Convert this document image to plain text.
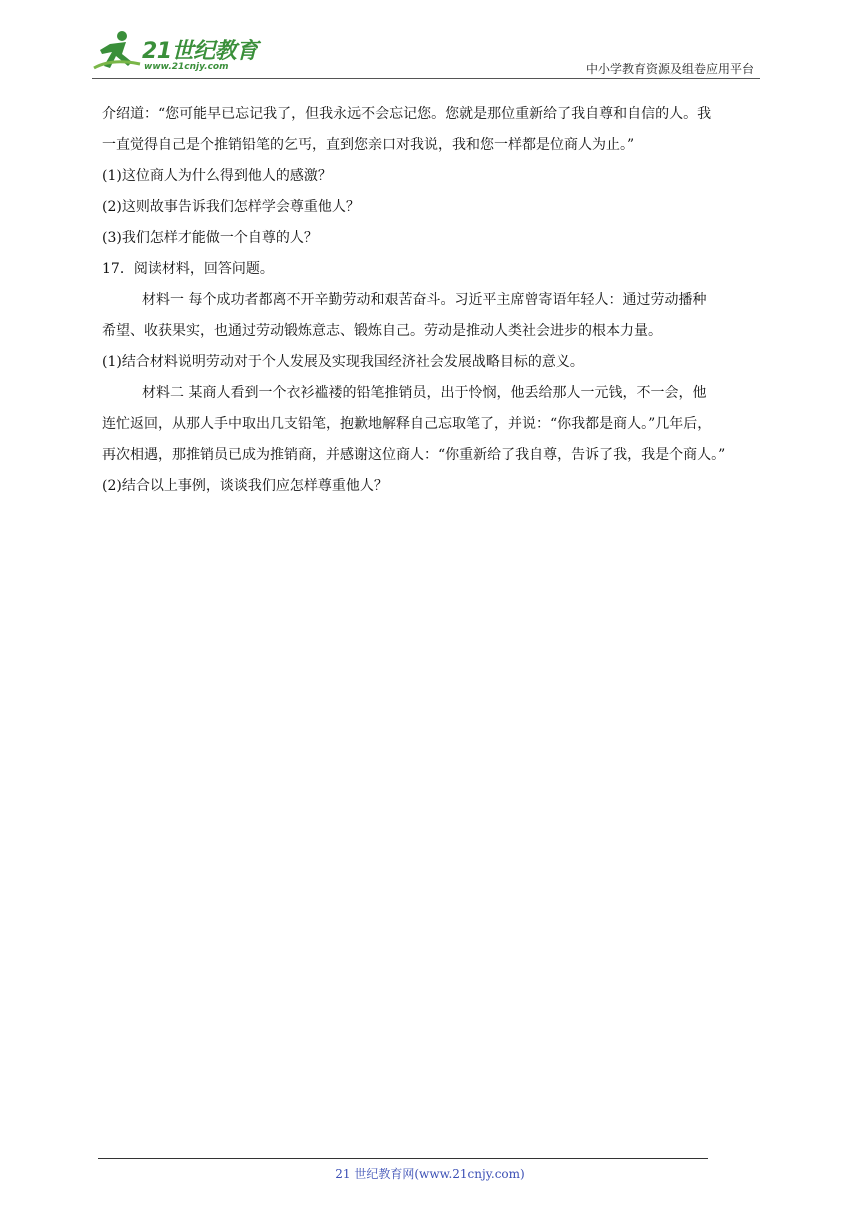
21世纪教育
www.21cnjy.com	中小学教育资源及组卷应用平台

介绍道：“您可能早已忘记我了，但我永远不会忘记您。您就是那位重新给了我自尊和自信的人。我

一直觉得自己是个推销铅笔的乞丐，直到您亲口对我说，我和您一样都是位商人为止。”

(1)这位商人为什么得到他人的感激？
(2)这则故事告诉我们怎样学会尊重他人？
(3)我们怎样才能做一个自尊的人？
17．阅读材料，回答问题。

材料一 每个成功者都离不开辛勤劳动和艰苦奋斗。习近平主席曾寄语年轻人：通过劳动播种

希望、收获果实，也通过劳动锻炼意志、锻炼自己。劳动是推动人类社会进步的根本力量。

(1)结合材料说明劳动对于个人发展及实现我国经济社会发展战略目标的意义。

材料二 某商人看到一个衣衫褴褛的铅笔推销员，出于怜悯，他丢给那人一元钱，不一会，他

连忙返回，从那人手中取出几支铅笔，抱歉地解释自己忘取笔了，并说：“你我都是商人。”几年后，

再次相遇，那推销员已成为推销商，并感谢这位商人：“你重新给了我自尊，告诉了我，我是个商人。”

(2)结合以上事例，谈谈我们应怎样尊重他人？
21 世纪教育网(www.21cnjy.com)
